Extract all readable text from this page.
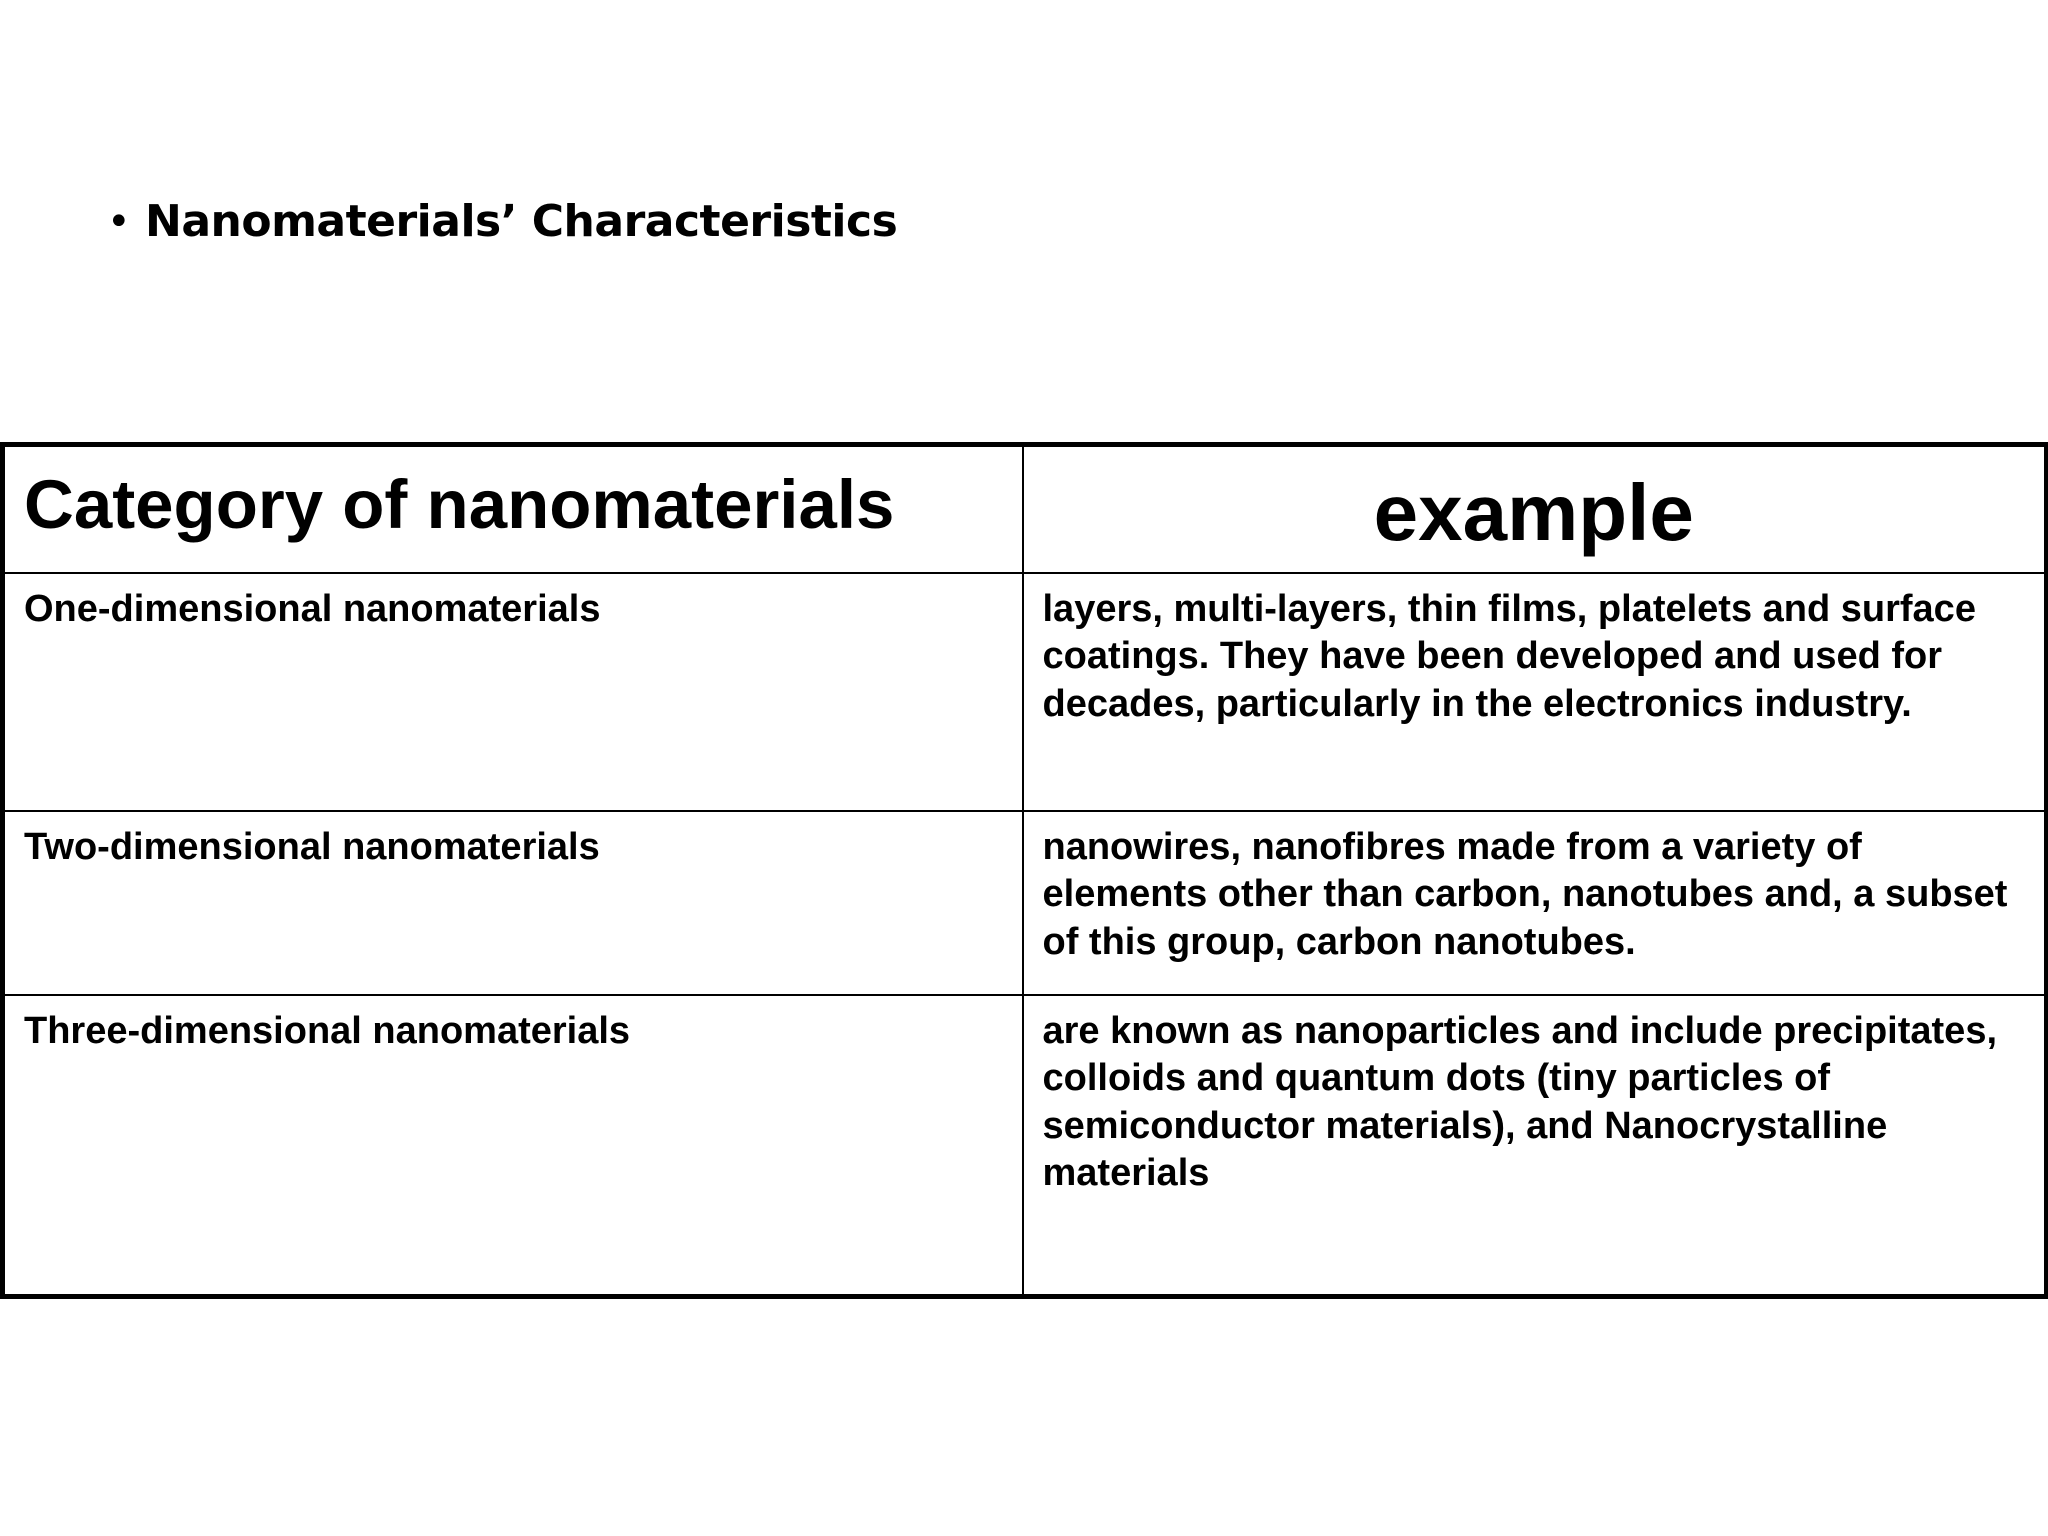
• Nanomaterials’ Characteristics
Category of nanomaterials	example
One-dimensional nanomaterials	layers, multi-layers, thin films, platelets and surface coatings. They have been developed and used for decades, particularly in the electronics industry.
Two-dimensional nanomaterials	nanowires, nanofibres made from a variety of elements other than carbon, nanotubes and, a subset of this group, carbon nanotubes.
Three-dimensional nanomaterials	are known as nanoparticles and include precipitates, colloids and quantum dots (tiny particles of semiconductor materials), and Nanocrystalline materials
